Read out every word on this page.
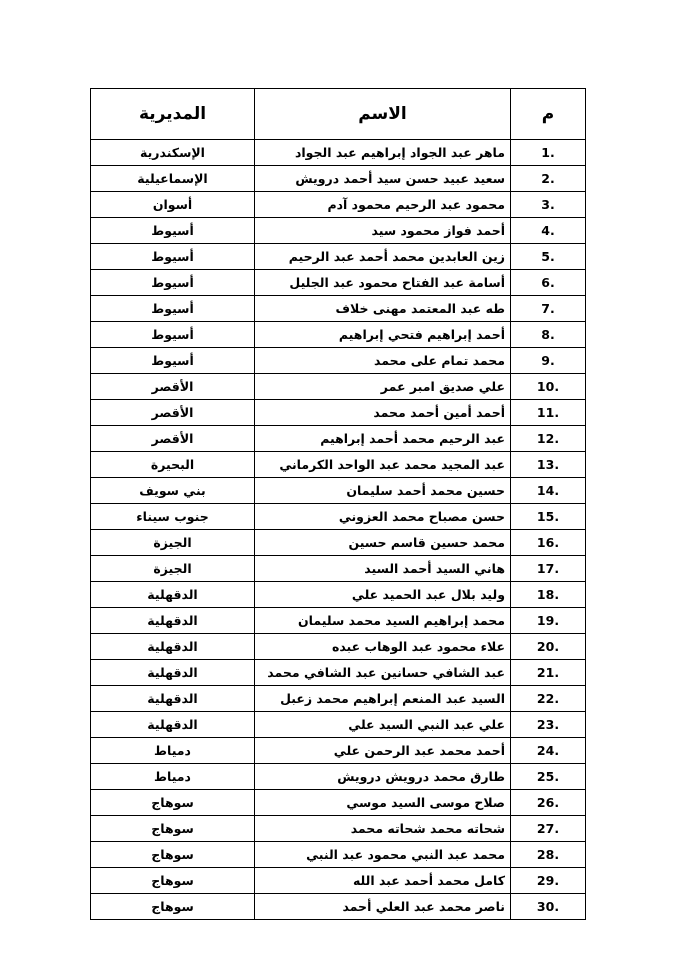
م	الاسم	المديرية
1.	ماهر عبد الجواد إبراهيم عبد الجواد	الإسكندرية
2.	سعيد عبيد حسن سيد أحمد درويش	الإسماعيلية
3.	محمود عبد الرحيم محمود آدم	أسوان
4.	أحمد فواز محمود سيد	أسيوط
5.	زين العابدين محمد أحمد عبد الرحيم	أسيوط
6.	أسامة عبد الفتاح محمود عبد الجليل	أسيوط
7.	طه عبد المعتمد مهنى خلاف	أسيوط
8.	أحمد إبراهيم فتحي إبراهيم	أسيوط
9.	محمد تمام على محمد	أسيوط
10.	علي صديق امبر عمر	الأقصر
11.	أحمد أمين أحمد محمد	الأقصر
12.	عبد الرحيم محمد أحمد إبراهيم	الأقصر
13.	عبد المجيد محمد عبد الواحد الكرماني	البحيرة
14.	حسين محمد أحمد سليمان	بني سويف
15.	حسن مصباح محمد العزوني	جنوب سيناء
16.	محمد حسين قاسم حسين	الجيزة
17.	هاني السيد أحمد السيد	الجيزة
18.	وليد بلال عبد الحميد علي	الدقهلية
19.	محمد إبراهيم السيد محمد سليمان	الدقهلية
20.	علاء محمود عبد الوهاب عبده	الدقهلية
21.	عبد الشافي حسانين عبد الشافي محمد	الدقهلية
22.	السيد عبد المنعم إبراهيم محمد زعبل	الدقهلية
23.	علي عبد النبي السيد علي	الدقهلية
24.	أحمد محمد عبد الرحمن علي	دمياط
25.	طارق محمد درويش درويش	دمياط
26.	صلاح موسى السيد موسي	سوهاج
27.	شحاته محمد شحاته محمد	سوهاج
28.	محمد عبد النبي محمود عبد النبي	سوهاج
29.	كامل محمد أحمد عبد الله	سوهاج
30.	ناصر محمد عبد العلي أحمد	سوهاج
